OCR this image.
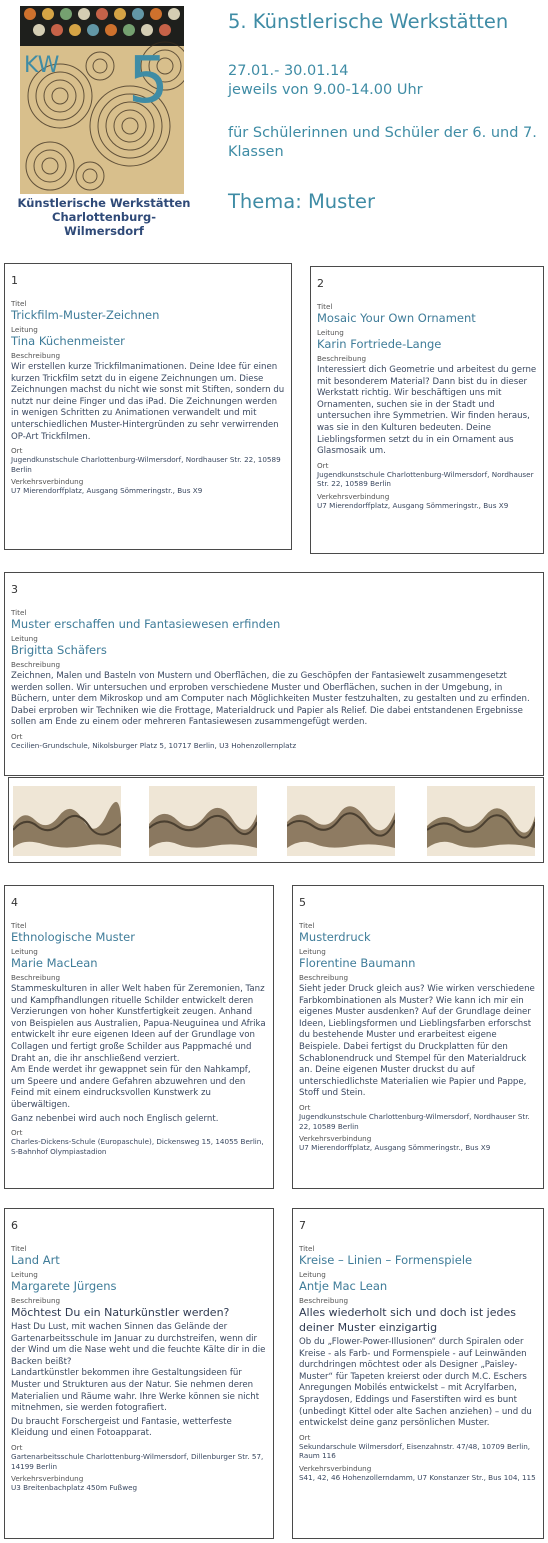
KW 5
Künstlerische Werkstätten
Charlottenburg-Wilmersdorf
5. Künstlerische Werkstätten
27.01.- 30.01.14
jeweils von 9.00-14.00 Uhr
für Schülerinnen und Schüler der 6. und 7. Klassen
Thema: Muster
1
Titel
Trickfilm-Muster-Zeichnen
Leitung
Tina Küchenmeister
Beschreibung
Wir erstellen kurze Trickfilmanimationen. Deine Idee für einen kurzen Trickfilm setzt du in eigene Zeichnungen um. Diese Zeichnungen machst du nicht wie sonst mit Stiften, sondern du nutzt nur deine Finger und das iPad. Die Zeichnungen werden in wenigen Schritten zu Animationen verwandelt und mit unterschiedlichen Muster-Hintergründen zu sehr verwirrenden OP-Art Trickfilmen.
Ort
Jugendkunstschule Charlottenburg-Wilmersdorf, Nordhauser Str. 22, 10589 Berlin
Verkehrsverbindung
U7 Mierendorffplatz, Ausgang Sömmeringstr., Bus X9
2
Titel
Mosaic Your Own Ornament
Leitung
Karin Fortriede-Lange
Beschreibung
Interessiert dich Geometrie und arbeitest du gerne mit besonderem Material? Dann bist du in dieser Werkstatt richtig. Wir beschäftigen uns mit Ornamenten, suchen sie in der Stadt und untersuchen ihre Symmetrien. Wir finden heraus, was sie in den Kulturen bedeuten. Deine Lieblingsformen setzt du in ein Ornament aus Glasmosaik um.
Ort
Jugendkunstschule Charlottenburg-Wilmersdorf, Nordhauser Str. 22, 10589 Berlin
Verkehrsverbindung
U7 Mierendorffplatz, Ausgang Sömmeringstr., Bus X9
3
Titel
Muster erschaffen und Fantasiewesen erfinden
Leitung
Brigitta Schäfers
Beschreibung
Zeichnen, Malen und Basteln von Mustern und Oberflächen, die zu Geschöpfen der Fantasiewelt zusammengesetzt werden sollen. Wir untersuchen und erproben verschiedene Muster und Oberflächen, suchen in der Umgebung, in Büchern, unter dem Mikroskop und am Computer nach Möglichkeiten Muster festzuhalten, zu gestalten und zu erfinden. Dabei erproben wir Techniken wie die Frottage, Materialdruck und Papier als Relief. Die dabei entstandenen Ergebnisse sollen am Ende zu einem oder mehreren Fantasiewesen zusammengefügt werden.
Ort
Cecilien-Grundschule, Nikolsburger Platz 5, 10717 Berlin, U3 Hohenzollernplatz
4
Titel
Ethnologische Muster
Leitung
Marie MacLean
Beschreibung
Stammeskulturen in aller Welt haben für Zeremonien, Tanz und Kampfhandlungen rituelle Schilder entwickelt deren Verzierungen von hoher Kunstfertigkeit zeugen. Anhand von Beispielen aus Australien, Papua-Neuguinea und Afrika entwickelt ihr eure eigenen Ideen auf der Grundlage von Collagen und fertigt große Schilder aus Pappmaché und Draht an, die ihr anschließend verziert.
Am Ende werdet ihr gewappnet sein für den Nahkampf, um Speere und andere Gefahren abzuwehren und den Feind mit einem eindrucksvollen Kunstwerk zu überwältigen.
Ganz nebenbei wird auch noch Englisch gelernt.
Ort
Charles-Dickens-Schule (Europaschule), Dickensweg 15, 14055 Berlin, S-Bahnhof Olympiastadion
5
Titel
Musterdruck
Leitung
Florentine Baumann
Beschreibung
Sieht jeder Druck gleich aus? Wie wirken verschiedene Farbkombinationen als Muster? Wie kann ich mir ein eigenes Muster ausdenken? Auf der Grundlage deiner Ideen, Lieblingsformen und Lieblingsfarben erforschst du bestehende Muster und erarbeitest eigene Beispiele. Dabei fertigst du Druckplatten für den Schablonendruck und Stempel für den Materialdruck an. Deine eigenen Muster druckst du auf unterschiedlichste Materialien wie Papier und Pappe, Stoff und Stein.
Ort
Jugendkunstschule Charlottenburg-Wilmersdorf, Nordhauser Str. 22, 10589 Berlin
Verkehrsverbindung
U7 Mierendorffplatz, Ausgang Sömmeringstr., Bus X9
6
Titel
Land Art
Leitung
Margarete Jürgens
Beschreibung
Möchtest Du ein Naturkünstler werden?
Hast Du Lust, mit wachen Sinnen das Gelände der Gartenarbeitsschule im Januar zu durchstreifen, wenn dir der Wind um die Nase weht und die feuchte Kälte dir in die Backen beißt?
Landartkünstler bekommen ihre Gestaltungsideen für Muster und Strukturen aus der Natur. Sie nehmen deren Materialien und Räume wahr. Ihre Werke können sie nicht mitnehmen, sie werden fotografiert.
Du braucht Forschergeist und Fantasie, wetterfeste Kleidung und einen Fotoapparat.
Ort
Gartenarbeitsschule Charlottenburg-Wilmersdorf, Dillenburger Str. 57, 14199 Berlin
Verkehrsverbindung
U3 Breitenbachplatz 450m Fußweg
7
Titel
Kreise – Linien – Formenspiele
Leitung
Antje Mac Lean
Beschreibung
Alles wiederholt sich und doch ist jedes deiner Muster einzigartig
Ob du „Flower-Power-Illusionen“ durch Spiralen oder Kreise - als Farb- und Formenspiele - auf Leinwänden durchdringen möchtest oder als Designer „Paisley- Muster“ für Tapeten kreierst oder durch M.C. Eschers Anregungen Mobilés entwickelst – mit Acrylfarben, Spraydosen, Eddings und Faserstiften wird es bunt (unbedingt Kittel oder alte Sachen anziehen) – und du entwickelst deine ganz persönlichen Muster.
Ort
Sekundarschule Wilmersdorf, Eisenzahnstr. 47/48, 10709 Berlin, Raum 116
Verkehrsverbindung
S41, 42, 46 Hohenzollerndamm, U7 Konstanzer Str., Bus 104, 115
